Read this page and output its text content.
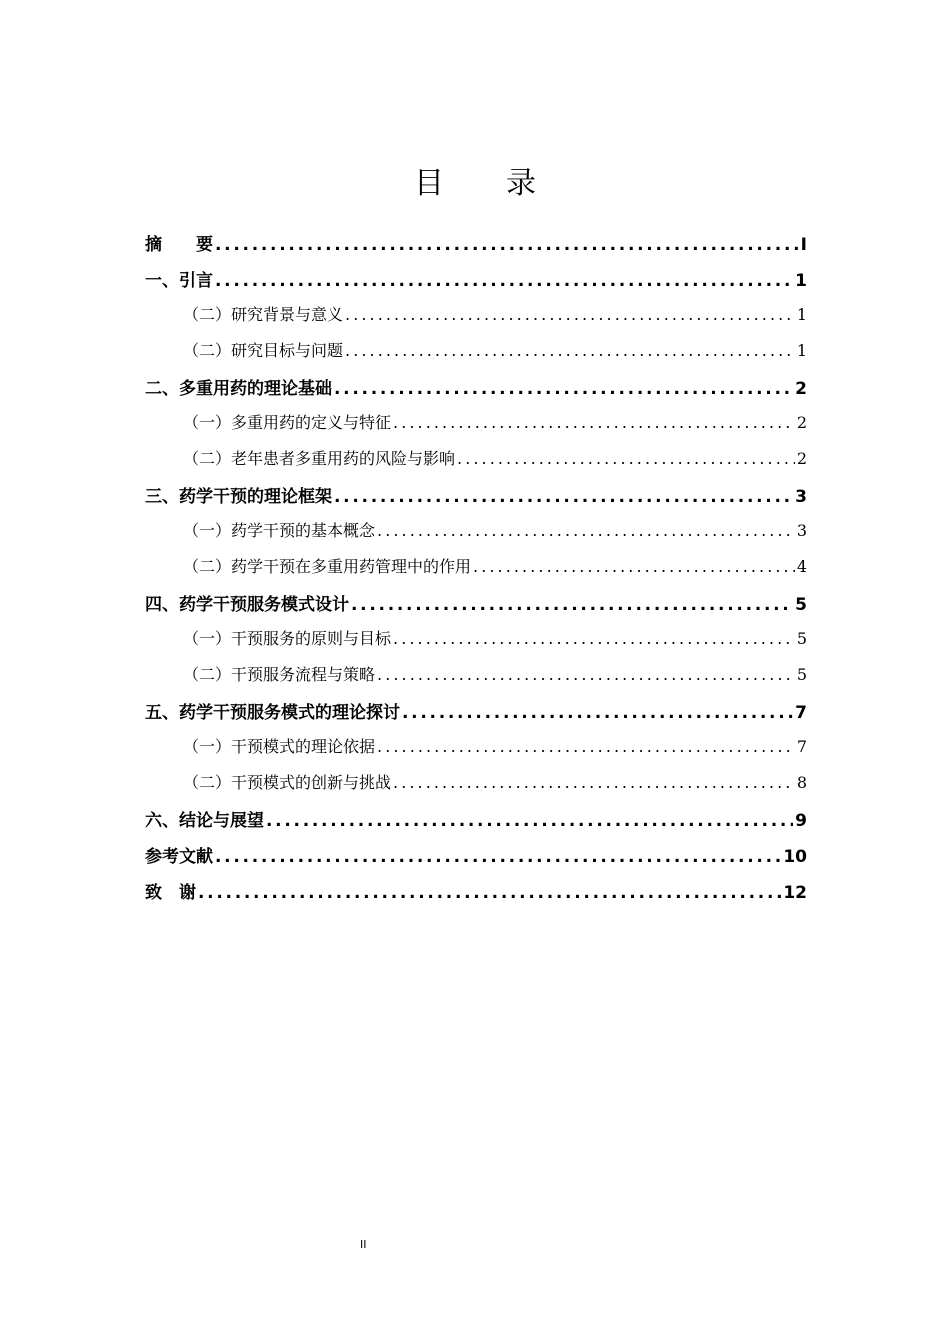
目 录
摘　　要 . . .	I
一、引言 . . .	1
（二）研究背景与意义 . . .	1
（二）研究目标与问题 . . .	1
二、多重用药的理论基础 . . .	2
（一）多重用药的定义与特征 . . .	2
（二）老年患者多重用药的风险与影响 . . .	2
三、药学干预的理论框架 . . .	3
（一）药学干预的基本概念 . . .	3
（二）药学干预在多重用药管理中的作用 . . .	4
四、药学干预服务模式设计 . . .	5
（一）干预服务的原则与目标 . . .	5
（二）干预服务流程与策略 . . .	5
五、药学干预服务模式的理论探讨 . . .	7
（一）干预模式的理论依据 . . .	7
（二）干预模式的创新与挑战 . . .	8
六、结论与展望 . . .	9
参考文献 . . .	10
致　谢 . . .	12
II
